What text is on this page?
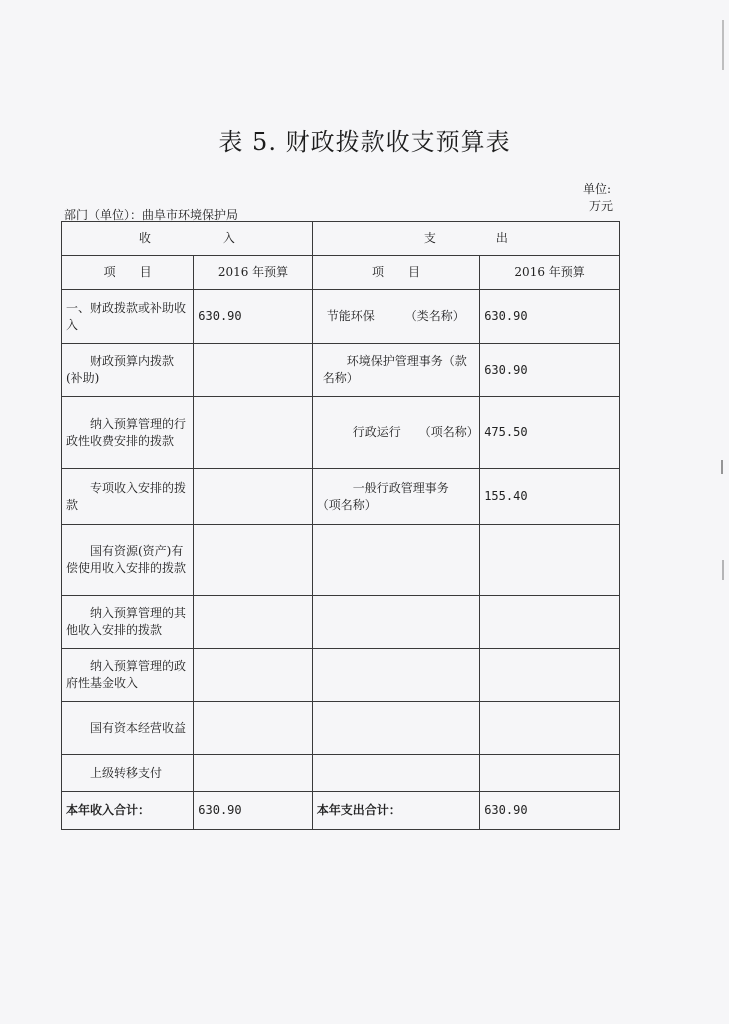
表 5. 财政拨款收支预算表
单位:
万元
部门（单位）：曲阜市环境保护局
收　　　　　　入		支　　　　　出	
项　　目	2016 年预算	项　　目	2016 年预算
一、财政拨款或补助收入	630.90	节能环保　　　（类名称）	630.90
财政预算内拨款(补助)		环境保护管理事务（款名称）	630.90
纳入预算管理的行政性收费安排的拨款		行政运行　　（项名称）	475.50
专项收入安排的拨款		一般行政管理事务　（项名称）	155.40
国有资源(资产)有偿使用收入安排的拨款			
纳入预算管理的其他收入安排的拨款			
纳入预算管理的政府性基金收入			
国有资本经营收益			
上级转移支付			
本年收入合计：	630.90	本年支出合计：	630.90
